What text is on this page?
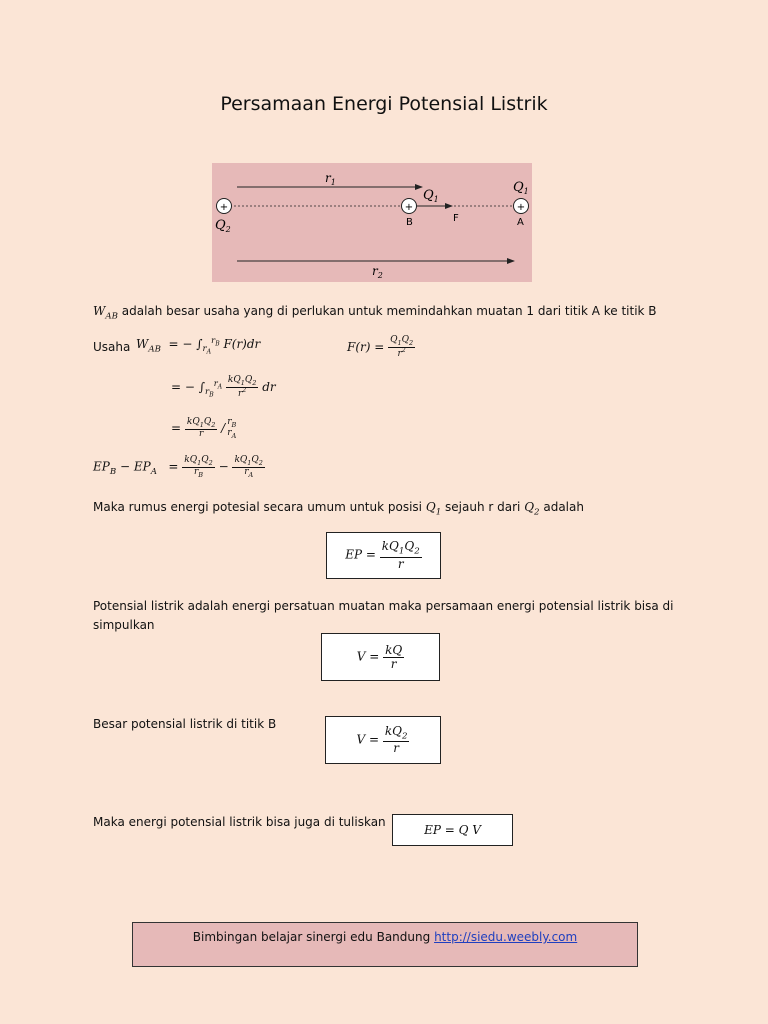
Persamaan Energi Potensial Listrik
+	+	+
$r_1$
$Q_1$
$Q_1$
$Q_2$
B	F	A
$r_2$
$W_{AB}$ adalah besar usaha yang di perlukan untuk memindahkan muatan 1 dari titik A ke titik B
Usaha $W_{AB}$  = − $\int_{r_A}^{r_B}$ F(r)dr	$F(r) = \frac{Q_1Q_2}{r^2}$
= − $\int_{r_B}^{r_A} \frac{kQ_1Q_2}{r^2}$ dr
= $\frac{kQ_1Q_2}{r} / r_B$
$r_A$
$EP_B - EP_A = \frac{kQ_1Q_2}{r_B} - \frac{kQ_1Q_2}{r_A}$
Maka rumus energi potesial secara umum untuk posisi $Q_1$ sejauh r dari $Q_2$ adalah
EP = $\frac{kQ_1Q_2}{r}$
Potensial listrik adalah energi persatuan muatan maka persamaan energi potensial listrik bisa di
simpulkan
$V = \frac{kQ}{r}$
Besar potensial listrik di titik B
$V = \frac{kQ_2}{r}$
Maka energi potensial listrik bisa juga di tuliskan
EP = Q V
Bimbingan belajar sinergi edu Bandung http://siedu.weebly.com
